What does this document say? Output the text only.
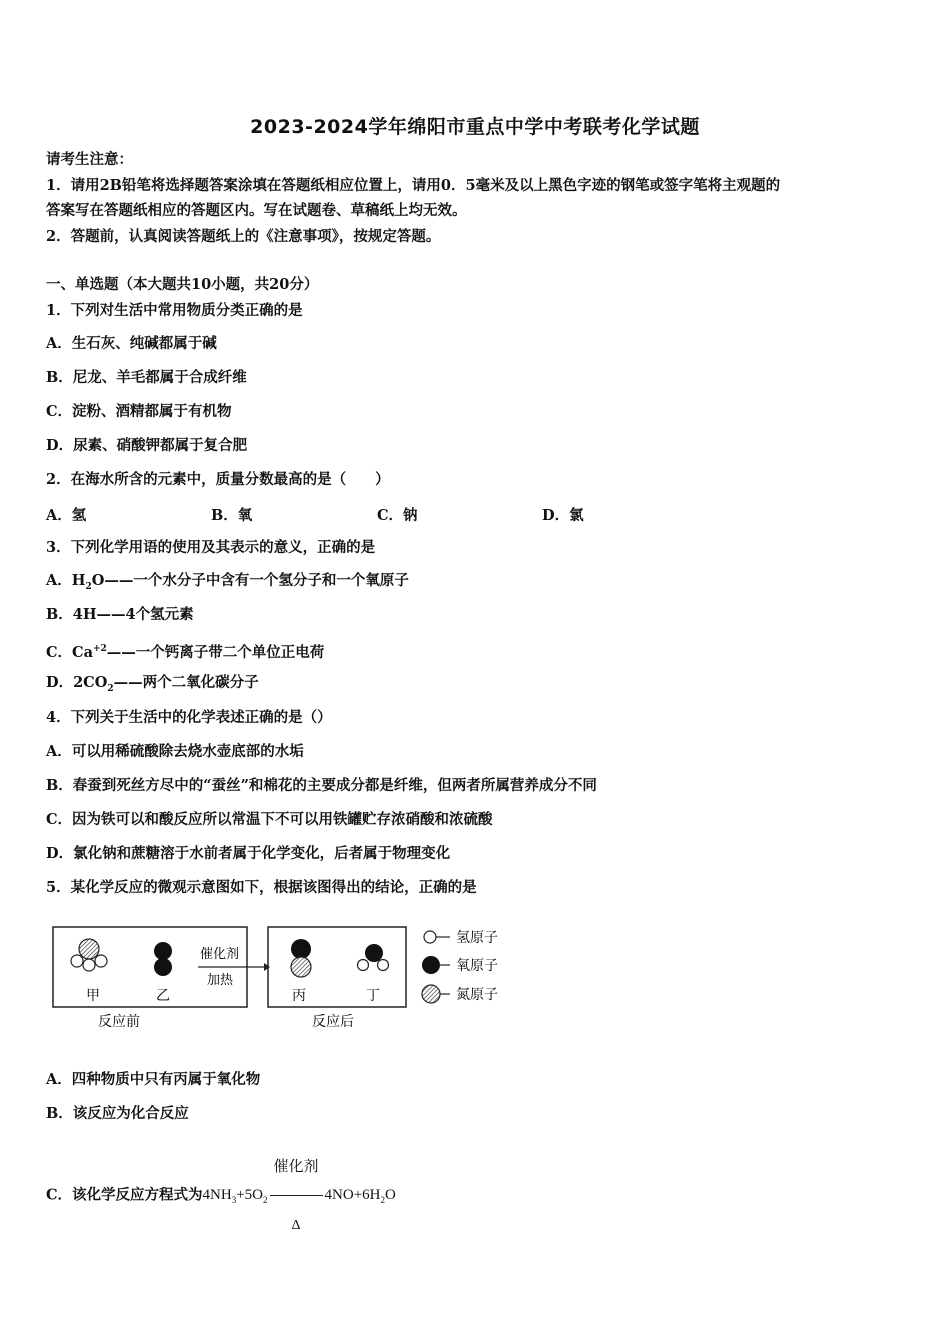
2023-2024学年绵阳市重点中学中考联考化学试题
请考生注意：
1．请用2B铅笔将选择题答案涂填在答题纸相应位置上，请用0．5毫米及以上黑色字迹的钢笔或签字笔将主观题的
答案写在答题纸相应的答题区内。写在试题卷、草稿纸上均无效。
2．答题前，认真阅读答题纸上的《注意事项》，按规定答题。
一、单选题（本大题共10小题，共20分）
1．下列对生活中常用物质分类正确的是
A．生石灰、纯碱都属于碱
B．尼龙、羊毛都属于合成纤维
C．淀粉、酒精都属于有机物
D．尿素、硝酸钾都属于复合肥
2．在海水所含的元素中，质量分数最高的是（　　）
A．氢	B．氧	C．钠	D．氯
3．下列化学用语的使用及其表示的意义，正确的是
A．$H_2O——$一个水分子中含有一个氢分子和一个氧原子
B．4H——4个氢元素
C．$Ca^{+2}——$一个钙离子带二个单位正电荷
D．$2CO_2——$两个二氧化碳分子
4．下列关于生活中的化学表述正确的是（）
A．可以用稀硫酸除去烧水壶底部的水垢
B．春蚕到死丝方尽中的“蚕丝”和棉花的主要成分都是纤维，但两者所属营养成分不同
C．因为铁可以和酸反应所以常温下不可以用铁罐贮存浓硝酸和浓硫酸
D．氯化钠和蔗糖溶于水前者属于化学变化，后者属于物理变化
5．某化学反应的微观示意图如下，根据该图得出的结论，正确的是
甲	乙
反应前
催化剂
加热
丙	丁
反应后
氢原子
氧原子
氮原子
A．四种物质中只有丙属于氧化物
B．该反应为化合反应
C．该化学反应方程式为$4NH_3+5O_2 \frac{\text{催化剂}}{\Delta} 4NO+6H_2O$
